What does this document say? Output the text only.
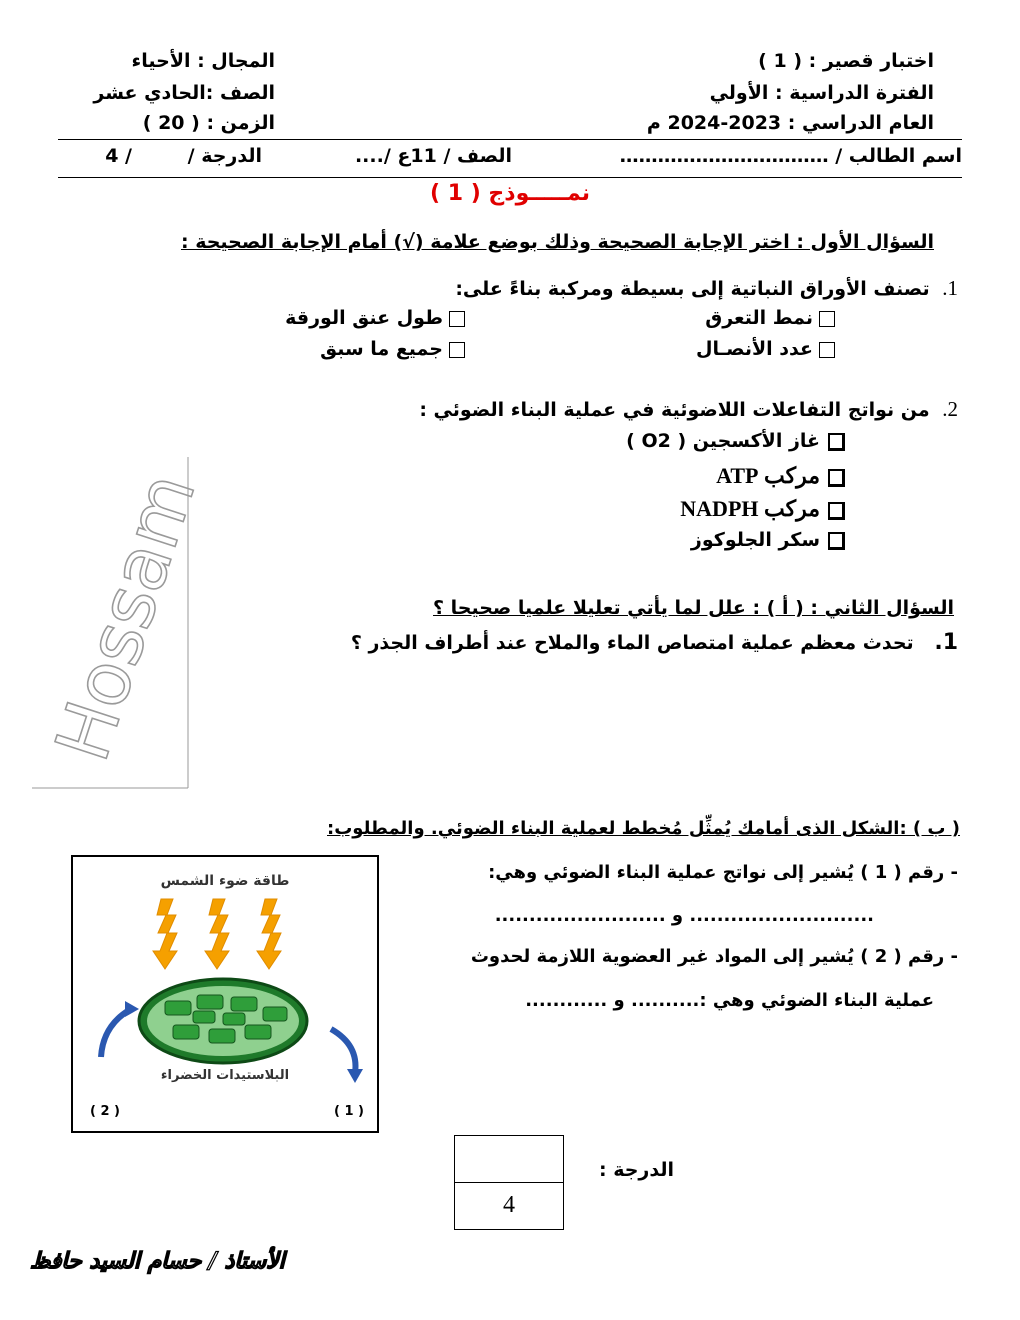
اختبار قصير : ( 1 )
الفترة الدراسية : الأولي
العام الدراسي : 2023-2024 م
المجال : الأحياء
الصف :الحادي عشر
الزمن : ( 20 )
اسم الطالب / ……………………………
الصف / 11ع /....
الدرجة /
/ 4
نمـــــوذج ( 1 )
السؤال الأول : اختر الإجابة الصحيحة وذلك بوضع علامة (√) أمام الإجابة الصحيحة :
1. تصنف الأوراق النباتية إلى بسيطة ومركبة بناءً على:
نمط التعرق
طول عنق الورقة
عدد الأنصـال
جميع ما سبق
2. من نواتج التفاعلات اللاضوئية في عملية البناء الضوئي :
غاز الأكسجين ( O2 )
مركب ATP
مركب NADPH
سكر الجلوكوز
Hossam	السؤال الثاني : ( أ ) : علل لما يأتي تعليلا علميا صحيحا ؟
1. تحدث معظم عملية امتصاص الماء والملاح عند أطراف الجذر ؟
( ب ) :الشكل الذى أمامك يُمثِّل مُخطط لعملية البناء الضوئي. والمطلوب:
- رقم ( 1 ) يُشير إلى نواتج عملية البناء الضوئي وهي:
........................... و .........................
- رقم ( 2 ) يُشير إلى المواد غير العضوية اللازمة لحدوث
عملية البناء الضوئي وهي :.......... و ............
طاقة ضوء الشمس
البلاستيدات الخضراء
( 2 )	( 1 )
4
الدرجة :
الأستاذ / حسام السيد حافظ
